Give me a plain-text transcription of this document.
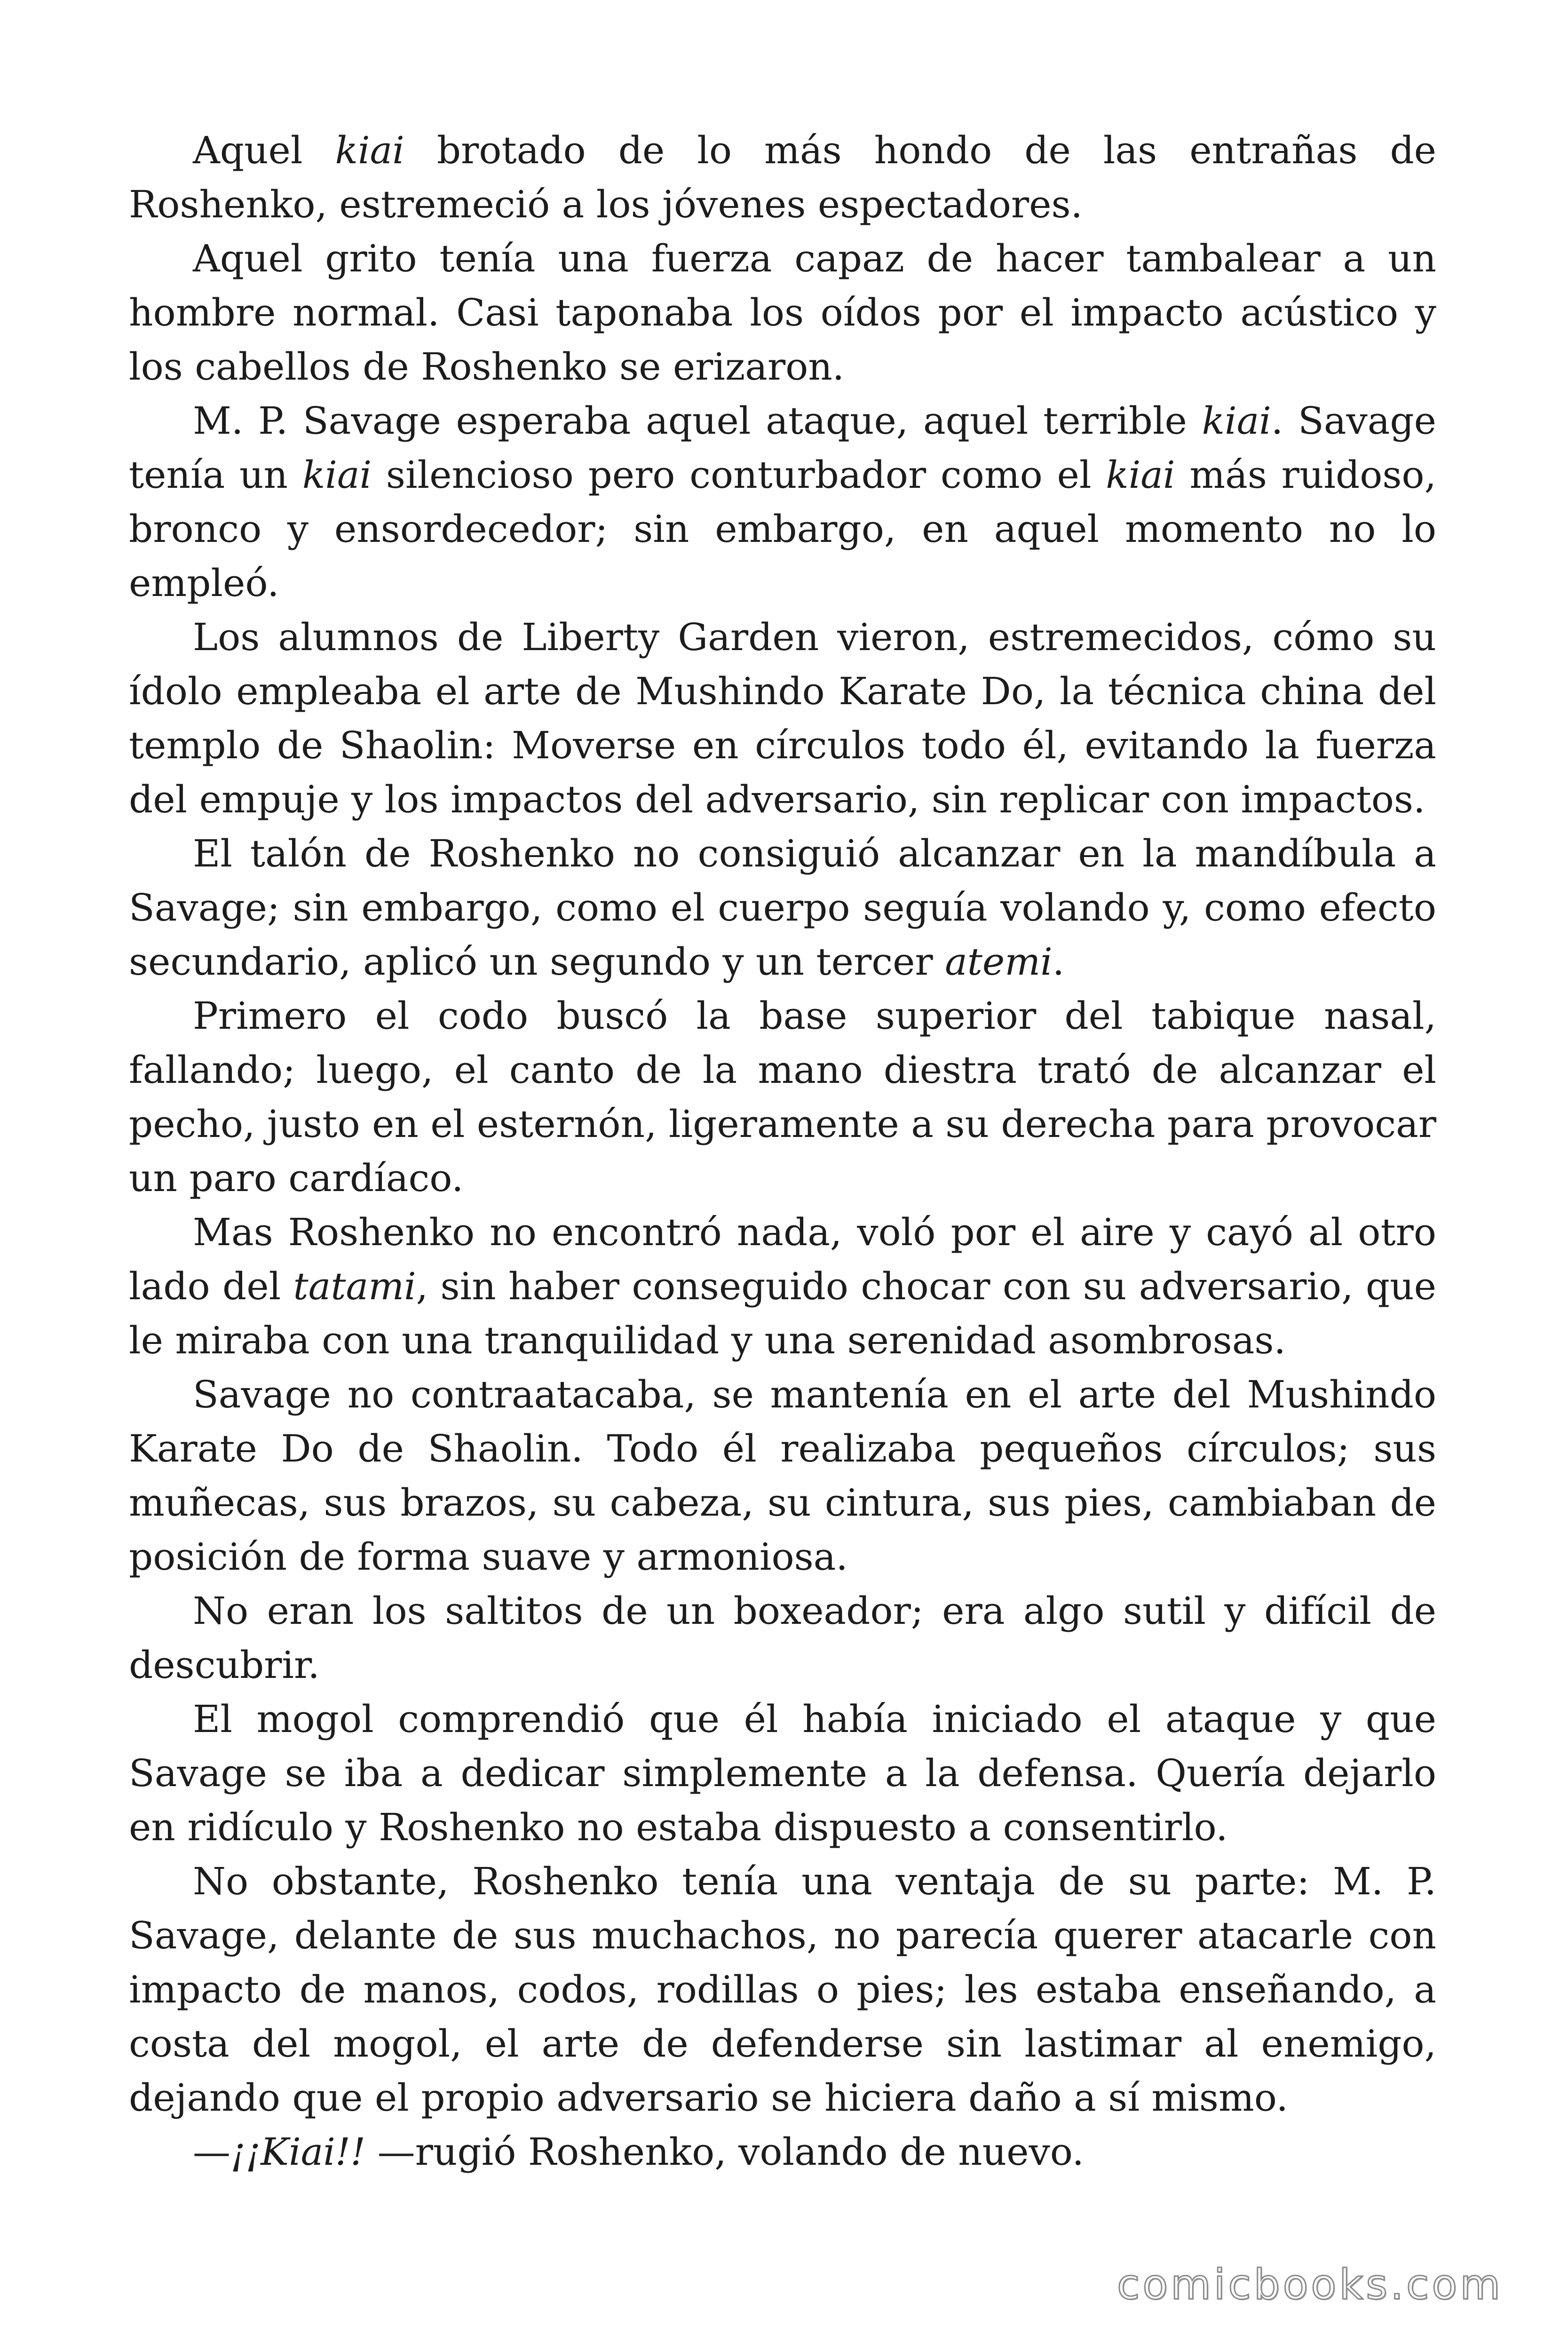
Aquel kiai brotado de lo más hondo de las entrañas de Roshenko, estremeció a los jóvenes espectadores.

Aquel grito tenía una fuerza capaz de hacer tambalear a un hombre normal. Casi taponaba los oídos por el impacto acústico y los cabellos de Roshenko se erizaron.

M. P. Savage esperaba aquel ataque, aquel terrible kiai. Savage tenía un kiai silencioso pero conturbador como el kiai más ruidoso, bronco y ensordecedor; sin embargo, en aquel momento no lo empleó.

Los alumnos de Liberty Garden vieron, estremecidos, cómo su ídolo empleaba el arte de Mushindo Karate Do, la técnica china del templo de Shaolin: Moverse en círculos todo él, evitando la fuerza del empuje y los impactos del adversario, sin replicar con impactos.

El talón de Roshenko no consiguió alcanzar en la mandíbula a Savage; sin embargo, como el cuerpo seguía volando y, como efecto secundario, aplicó un segundo y un tercer atemi.

Primero el codo buscó la base superior del tabique nasal, fallando; luego, el canto de la mano diestra trató de alcanzar el pecho, justo en el esternón, ligeramente a su derecha para provocar un paro cardíaco.

Mas Roshenko no encontró nada, voló por el aire y cayó al otro lado del tatami, sin haber conseguido chocar con su adversario, que le miraba con una tranquilidad y una serenidad asombrosas.

Savage no contraatacaba, se mantenía en el arte del Mushindo Karate Do de Shaolin. Todo él realizaba pequeños círculos; sus muñecas, sus brazos, su cabeza, su cintura, sus pies, cambiaban de posición de forma suave y armoniosa.

No eran los saltitos de un boxeador; era algo sutil y difícil de descubrir.

El mogol comprendió que él había iniciado el ataque y que Savage se iba a dedicar simplemente a la defensa. Quería dejarlo en ridículo y Roshenko no estaba dispuesto a consentirlo.

No obstante, Roshenko tenía una ventaja de su parte: M. P. Savage, delante de sus muchachos, no parecía querer atacarle con impacto de manos, codos, rodillas o pies; les estaba enseñando, a costa del mogol, el arte de defenderse sin lastimar al enemigo, dejando que el propio adversario se hiciera daño a sí mismo.

—¡¡Kiai!! —rugió Roshenko, volando de nuevo.

comicbooks.com
